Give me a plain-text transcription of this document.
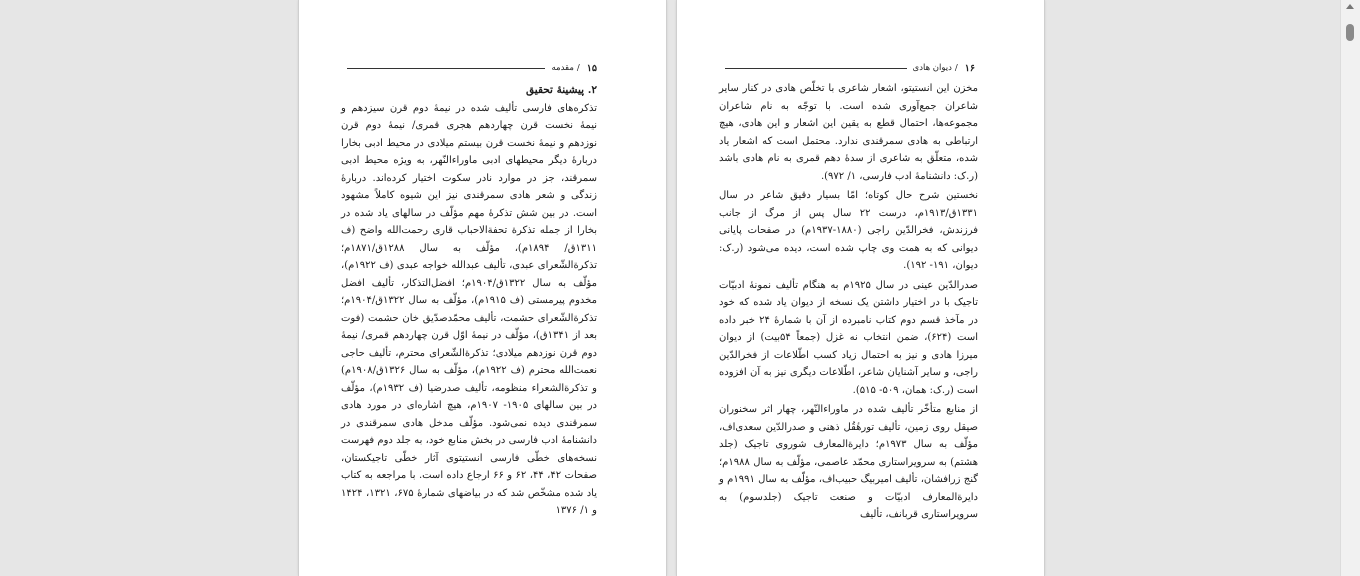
۱۵
/
مقدمه

۲. پیشینهٔ تحقیق

تذکره‌های فارسی تألیف شده در نیمهٔ دوم قرن سیزدهم و نیمهٔ نخست قرن چهاردهم هجری قمری/ نیمهٔ دوم قرن نوزدهم و نیمهٔ نخست قرن بیستم میلادی در محیط ادبی بخارا دربارهٔ دیگر محیطهای ادبی ماوراءالنّهر، به ویژه محیط ادبی سمرقند، جز در موارد نادر سکوت اختیار کرده‌اند. دربارهٔ زندگی و شعر هادی سمرقندی نیز این شیوه کاملاً مشهود است. در بین شش تذکرهٔ مهم مؤلّف در سالهای یاد شده در بخارا از جمله تذکرة تحفةالاحباب قاری رحمت‌الله واضح (ف ۱۳۱۱ق/ ۱۸۹۴م)، مؤلّف به سال ۱۲۸۸ق/۱۸۷۱م؛ تذکرةالشّعرای عبدی، تألیف عبدالله خواجه عبدی (ف ۱۹۲۲م)، مؤلّف به سال ۱۳۲۲ق/۱۹۰۴م؛ افضل‌التذکار، تألیف افضل مخدوم پیرمستی (ف ۱۹۱۵م)، مؤلّف به سال ۱۳۲۲ق/۱۹۰۴م؛ تذکرةالشّعرای حشمت، تألیف محمّدصدّیق خان حشمت (فوت بعد از ۱۳۴۱ق)، مؤلّف در نیمهٔ اوّل قرن چهاردهم قمری/ نیمهٔ دوم قرن نوزدهم میلادی؛ تذکرةالشّعرای محترم، تألیف حاجی نعمت‌الله محترم (ف ۱۹۲۲م)، مؤلّف به سال ۱۳۲۶ق/۱۹۰۸م) و تذکرةالشعراء منظومه، تألیف صدرضیا (ف ۱۹۳۲م)، مؤلّف در بین سالهای ۱۹۰۵- ۱۹۰۷م، هیچ اشاره‌ای در مورد هادی سمرقندی دیده نمی‌شود. مؤلّف مدخل هادی سمرقندی در دانشنامهٔ ادب فارسی در بخش منابع خود، به جلد دوم فهرست نسخه‌های خطّی فارسی انستیتوی آثار خطّی تاجیکستان، صفحات ۴۲، ۴۴، ۶۲ و ۶۶ ارجاع داده است. با مراجعه به کتاب یاد شده مشخّص شد که در بیاضهای شمارهٔ ۶۷۵، ۱۳۲۱، ۱۴۲۴ و ۱/ ۱۳۷۶

۱۶
/
دیوان هادی

مخزن این انستیتو، اشعار شاعری با تخلّص هادی در کنار سایر شاعران جمع‌آوری شده است. با توجّه به نام شاعران مجموعه‌ها، احتمال قطع به یقین این اشعار و این هادی، هیچ ارتباطی به هادی سمرقندی ندارد. محتمل است که اشعار یاد شده، متعلّق به شاعری از سدهٔ دهم قمری به نام هادی باشد (ر.ک: دانشنامهٔ ادب فارسی، ۱/ ۹۷۲).

نخستین شرح حال کوتاه؛ امّا بسیار دقیق شاعر در سال ۱۳۳۱ق/۱۹۱۳م، درست ۲۲ سال پس از مرگ از جانب فرزندش، فخرالدّین راجی (۱۸۸۰-۱۹۳۷م) در صفحات پایانی دیوانی که به همت وی چاپ شده است، دیده می‌شود (ر.ک: دیوان، ۱۹۱- ۱۹۲).

صدرالدّین عینی در سال ۱۹۲۵م به هنگام تألیف نمونهٔ ادبیّات تاجیک با در اختیار داشتن یک نسخه از دیوان یاد شده که خود در مآخذ قسم دوم کتاب نامبرده از آن با شمارهٔ ۲۴ خبر داده است (۶۲۴)، ضمن انتخاب نه غزل (جمعاً ۵۴بیت) از دیوان میرزا هادی و نیز به احتمال زیاد کسب اطّلاعات از فخرالدّین راجی، و سایر آشنایان شاعر، اطّلاعات دیگری نیز به آن افزوده است (ر.ک: همان، ۵۰۹- ۵۱۵).

از منابع متأخّر تألیف شده در ماوراءالنّهر، چهار اثر سخنوران صیقل روی زمین، تألیف تورهٔقُل ذهنی و صدرالدّین سعدی‌اف، مؤلّف به سال ۱۹۷۳م؛ دایرةالمعارف شوروی تاجیک (جلد هشتم) به سرویراستاری محمّد عاصمی، مؤلّف به سال ۱۹۸۸م؛ گنج زرافشان، تألیف امیربیگ حبیب‌اف، مؤلّف به سال ۱۹۹۱م و دایرةالمعارف ادبیّات و صنعت تاجیک (جلدسوم) به سرویراستاری قربانف، تألیف
